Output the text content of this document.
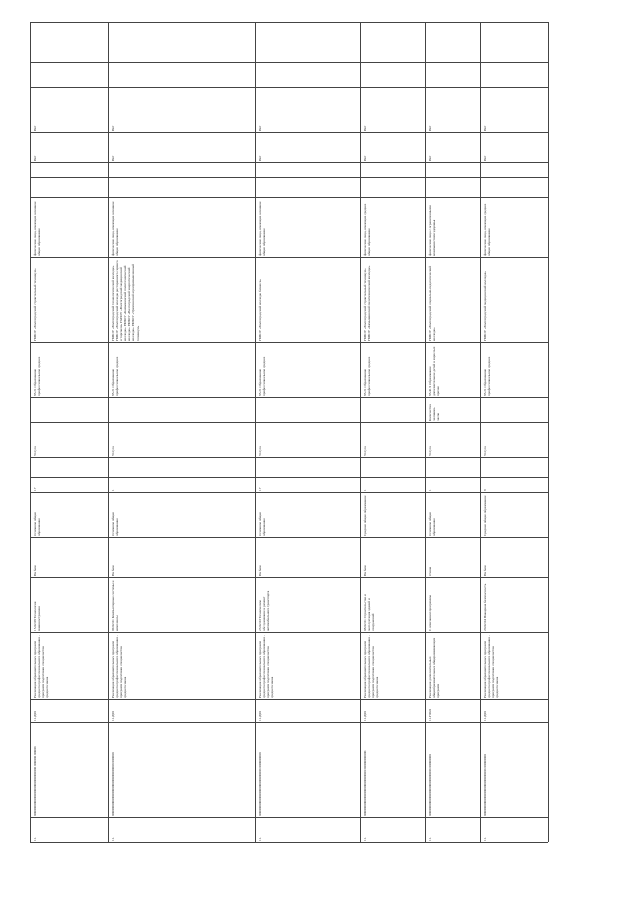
11.
00000000000000000000000000000 000000 00000
11.Д00
Реализация образовательных программ среднего профессионального образования - программ подготовки специалистов среднего звена
15.02.08 Технология машиностроения
На базе
Основное общее образование
17
Услуга
85.21 Образование профессиональное среднее
ГБПОУ «Волгоградский строительный техникум»
физические лица, имеющие основное общее образование
Нет
Нет
11.
0000000000000000000000000000000 000000
11.Д00
Реализация образовательных программ среднего профессионального образования - программ подготовки специалистов среднего звена
09.02.01 Компьютерные системы и комплексы
На базе
Основное общее образование
1
Услуга
85.21 Образование профессиональное среднее
ГБПОУ «Волгоградский технологический колледж» ГБПОУ «Волгоградский колледж ресторанного сервиса и торговли» ГАПОУ «Волгоградский медицинский колледж» ГБПОУ «Камышинский политехнический колледж» ГБПОУ «Волгоградский энергетический колледж» ГБПОУ «Урюпинский агропромышленный техникум»
физические лица, имеющие основное общее образование
Нет
Нет
11.
0000000000000000000000000000 000000000
11.Д00
Реализация образовательных программ среднего профессионального образования - программ подготовки специалистов среднего звена
23.02.03 Техническое обслуживание и ремонт автомобильного транспорта
На базе
Основное общее образование
17
Услуга
85.21 Образование профессиональное среднее
ГБПОУ «Волгоградский колледж бизнеса»
физические лица, имеющие основное общее образование
Нет
Нет
11.
000000000000000000000000000 00000000000
11.Д00
Реализация образовательных программ среднего профессионального образования - программ подготовки специалистов среднего звена
08.02.01 Строительство и эксплуатация зданий и сооружений
На базе
Среднее общее образование
1
Услуга
85.21 Образование профессиональное среднее
ГБПОУ «Волгоградский строительный техникум» ГБПОУ «Камышинский политехнический колледж»
физические лица, имеющие среднее общее образование
Нет
Нет
11.
0000000000000000000000000000 00000000
11.Г00.0
Реализация дополнительных общеобразовательных общеразвивающих программ
С описанием программы
Очная
Основное общее образование
1
Услуга
Количество человеко-часов
85.41.9 Образование дополнительное детей и взрослых прочее
ГБПОУ «Волгоградский социально-педагогический колледж»
физические лица с ограниченными возможностями здоровья
Нет
Нет
11.
0000000000000000000000000000 00000000
11.Д00
Реализация образовательных программ среднего профессионального образования - программ подготовки специалистов среднего звена
20.02.04 Пожарная безопасность
На базе
Среднее общее образование
9
Услуга
85.21 Образование профессиональное среднее
ГБПОУ «Волгоградский медицинский колледж»
физические лица, имеющие среднее общее образование
Нет
Нет
